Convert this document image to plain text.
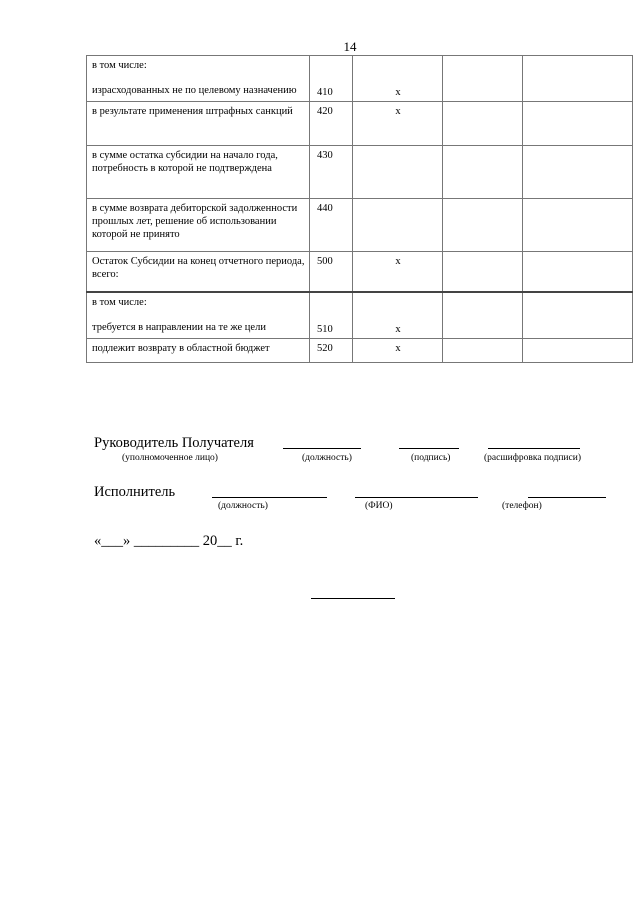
14
в том числе:
израсходованных не по целевому назначению	410	х		
в результате применения штрафных санкций	420	х		
в сумме остатка субсидии на начало года, потребность в которой не подтверждена	430			
в сумме возврата дебиторской задолженности прошлых лет, решение об использовании которой не принято	440			
Остаток Субсидии на конец отчетного периода, всего:	500	х		
в том числе:
требуется в направлении на те же цели	510	х		
подлежит возврату в областной бюджет	520	х		
Руководитель Получателя
(уполномоченное лицо)	(должность)	(подпись)	(расшифровка подписи)
Исполнитель
(должность)	(ФИО)	(телефон)
«___» _________ 20__ г.
